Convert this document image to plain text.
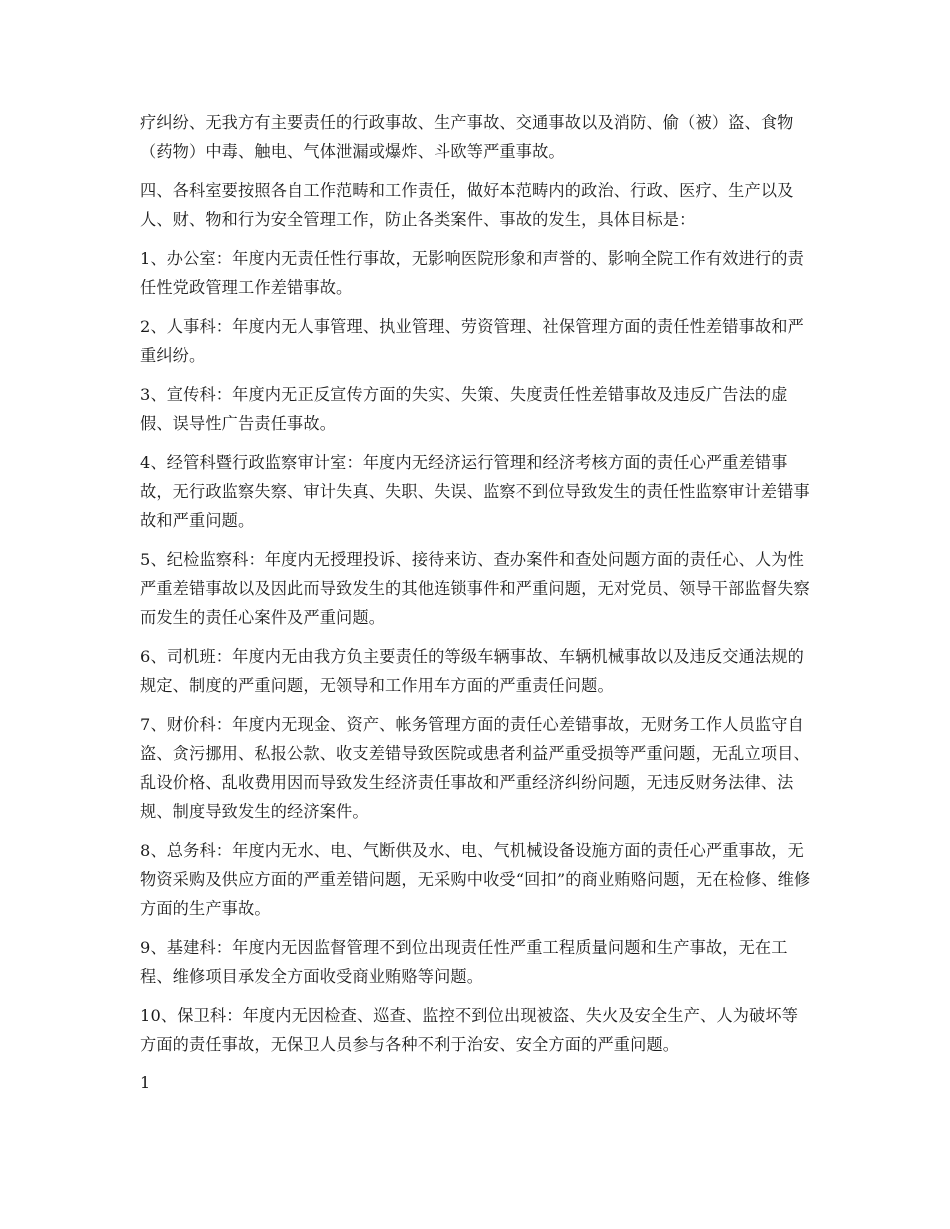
疗纠纷、无我方有主要责任的行政事故、生产事故、交通事故以及消防、偷（被）盗、食物（药物）中毒、触电、气体泄漏或爆炸、斗欧等严重事故。

四、各科室要按照各自工作范畴和工作责任，做好本范畴内的政治、行政、医疗、生产以及人、财、物和行为安全管理工作，防止各类案件、事故的发生，具体目标是：

1、办公室：年度内无责任性行事故，无影响医院形象和声誉的、影响全院工作有效进行的责任性党政管理工作差错事故。

2、人事科：年度内无人事管理、执业管理、劳资管理、社保管理方面的责任性差错事故和严重纠纷。

3、宣传科：年度内无正反宣传方面的失实、失策、失度责任性差错事故及违反广告法的虚假、误导性广告责任事故。

4、经管科暨行政监察审计室：年度内无经济运行管理和经济考核方面的责任心严重差错事故，无行政监察失察、审计失真、失职、失误、监察不到位导致发生的责任性监察审计差错事故和严重问题。

5、纪检监察科：年度内无授理投诉、接待来访、查办案件和查处问题方面的责任心、人为性严重差错事故以及因此而导致发生的其他连锁事件和严重问题，无对党员、领导干部监督失察而发生的责任心案件及严重问题。

6、司机班：年度内无由我方负主要责任的等级车辆事故、车辆机械事故以及违反交通法规的规定、制度的严重问题，无领导和工作用车方面的严重责任问题。

7、财价科：年度内无现金、资产、帐务管理方面的责任心差错事故，无财务工作人员监守自盗、贪污挪用、私报公款、收支差错导致医院或患者利益严重受损等严重问题，无乱立项目、乱设价格、乱收费用因而导致发生经济责任事故和严重经济纠纷问题，无违反财务法律、法规、制度导致发生的经济案件。

8、总务科：年度内无水、电、气断供及水、电、气机械设备设施方面的责任心严重事故，无物资采购及供应方面的严重差错问题，无采购中收受“回扣”的商业贿赂问题，无在检修、维修方面的生产事故。

9、基建科：年度内无因监督管理不到位出现责任性严重工程质量问题和生产事故，无在工程、维修项目承发全方面收受商业贿赂等问题。

10、保卫科：年度内无因检查、巡查、监控不到位出现被盗、失火及安全生产、人为破坏等方面的责任事故，无保卫人员参与各种不利于治安、安全方面的严重问题。

1
